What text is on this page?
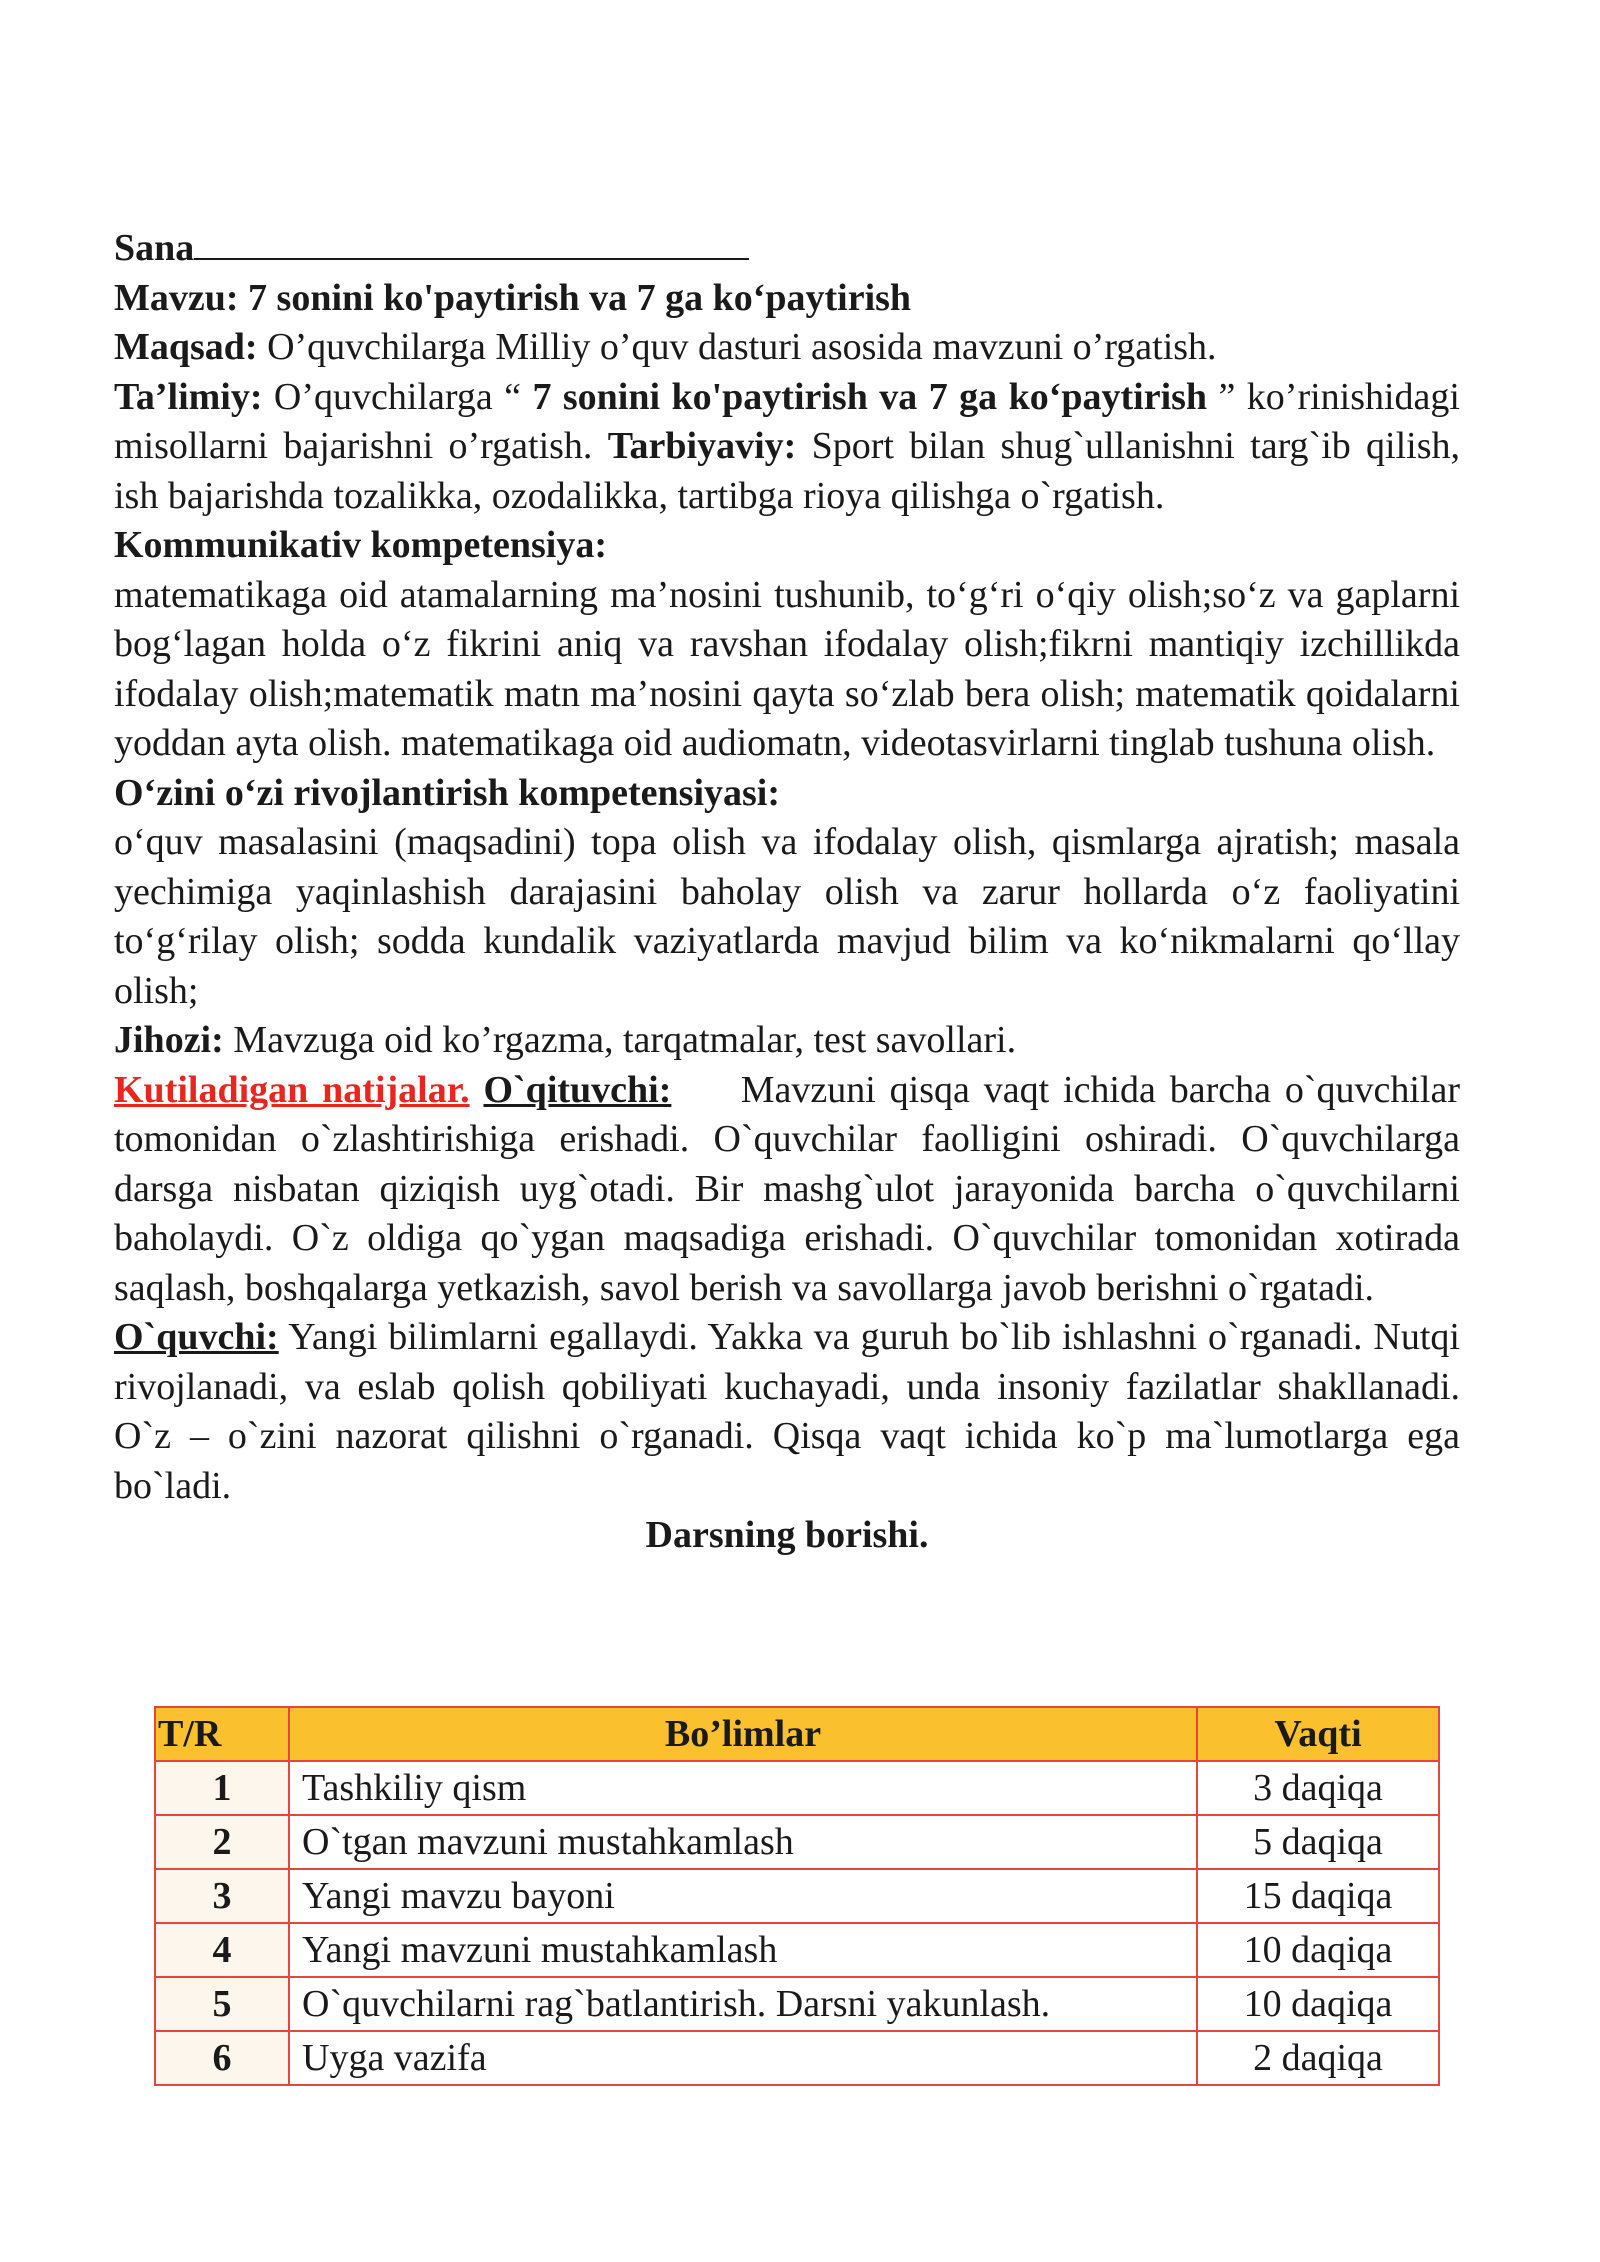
Sana

Mavzu: 7 sonini ko'paytirish va 7 ga ko‘paytirish

Maqsad: O’quvchilarga Milliy o’quv dasturi asosida mavzuni o’rgatish.

Ta’limiy: O’quvchilarga “ 7 sonini ko'paytirish va 7 ga ko‘paytirish ” ko’rinishidagi misollarni bajarishni o’rgatish. Tarbiyaviy: Sport bilan shug`ullanishni targ`ib qilish, ish bajarishda tozalikka, ozodalikka, tartibga rioya qilishga o`rgatish.

Kommunikativ kompetensiya:

matematikaga oid atamalarning ma’nosini tushunib, to‘g‘ri o‘qiy olish;so‘z va gaplarni bog‘lagan holda o‘z fikrini aniq va ravshan ifodalay olish;fikrni mantiqiy izchillikda ifodalay olish;matematik matn ma’nosini qayta so‘zlab bera olish; matematik qoidalarni yoddan ayta olish. matematikaga oid audiomatn, videotasvirlarni tinglab tushuna olish.

O‘zini o‘zi rivojlantirish kompetensiyasi:

o‘quv masalasini (maqsadini) topa olish va ifodalay olish, qismlarga ajratish; masala yechimiga yaqinlashish darajasini baholay olish va zarur hollarda o‘z faoliyatini to‘g‘rilay olish; sodda kundalik vaziyatlarda mavjud bilim va ko‘nikmalarni qo‘llay olish;

Jihozi: Mavzuga oid ko’rgazma, tarqatmalar, test savollari.

Kutiladigan natijalar. O`qituvchi:     Mavzuni qisqa vaqt ichida barcha o`quvchilar tomonidan o`zlashtirishiga erishadi. O`quvchilar faolligini oshiradi. O`quvchilarga darsga nisbatan qiziqish uyg`otadi. Bir mashg`ulot jarayonida barcha o`quvchilarni baholaydi. O`z oldiga qo`ygan maqsadiga erishadi. O`quvchilar tomonidan xotirada saqlash, boshqalarga yetkazish, savol berish va savollarga javob berishni o`rgatadi.

O`quvchi: Yangi bilimlarni egallaydi. Yakka va guruh bo`lib ishlashni o`rganadi. Nutqi rivojlanadi, va eslab qolish qobiliyati kuchayadi, unda insoniy fazilatlar shakllanadi. O`z – o`zini nazorat qilishni o`rganadi. Qisqa vaqt ichida ko`p ma`lumotlarga ega bo`ladi.

Darsning borishi.

T/R	Bo’limlar	Vaqti
1	Tashkiliy qism	3 daqiqa
2	O`tgan mavzuni mustahkamlash	5 daqiqa
3	Yangi mavzu bayoni	15 daqiqa
4	Yangi mavzuni mustahkamlash	10 daqiqa
5	O`quvchilarni rag`batlantirish. Darsni yakunlash.	10 daqiqa
6	Uyga vazifa	2 daqiqa
